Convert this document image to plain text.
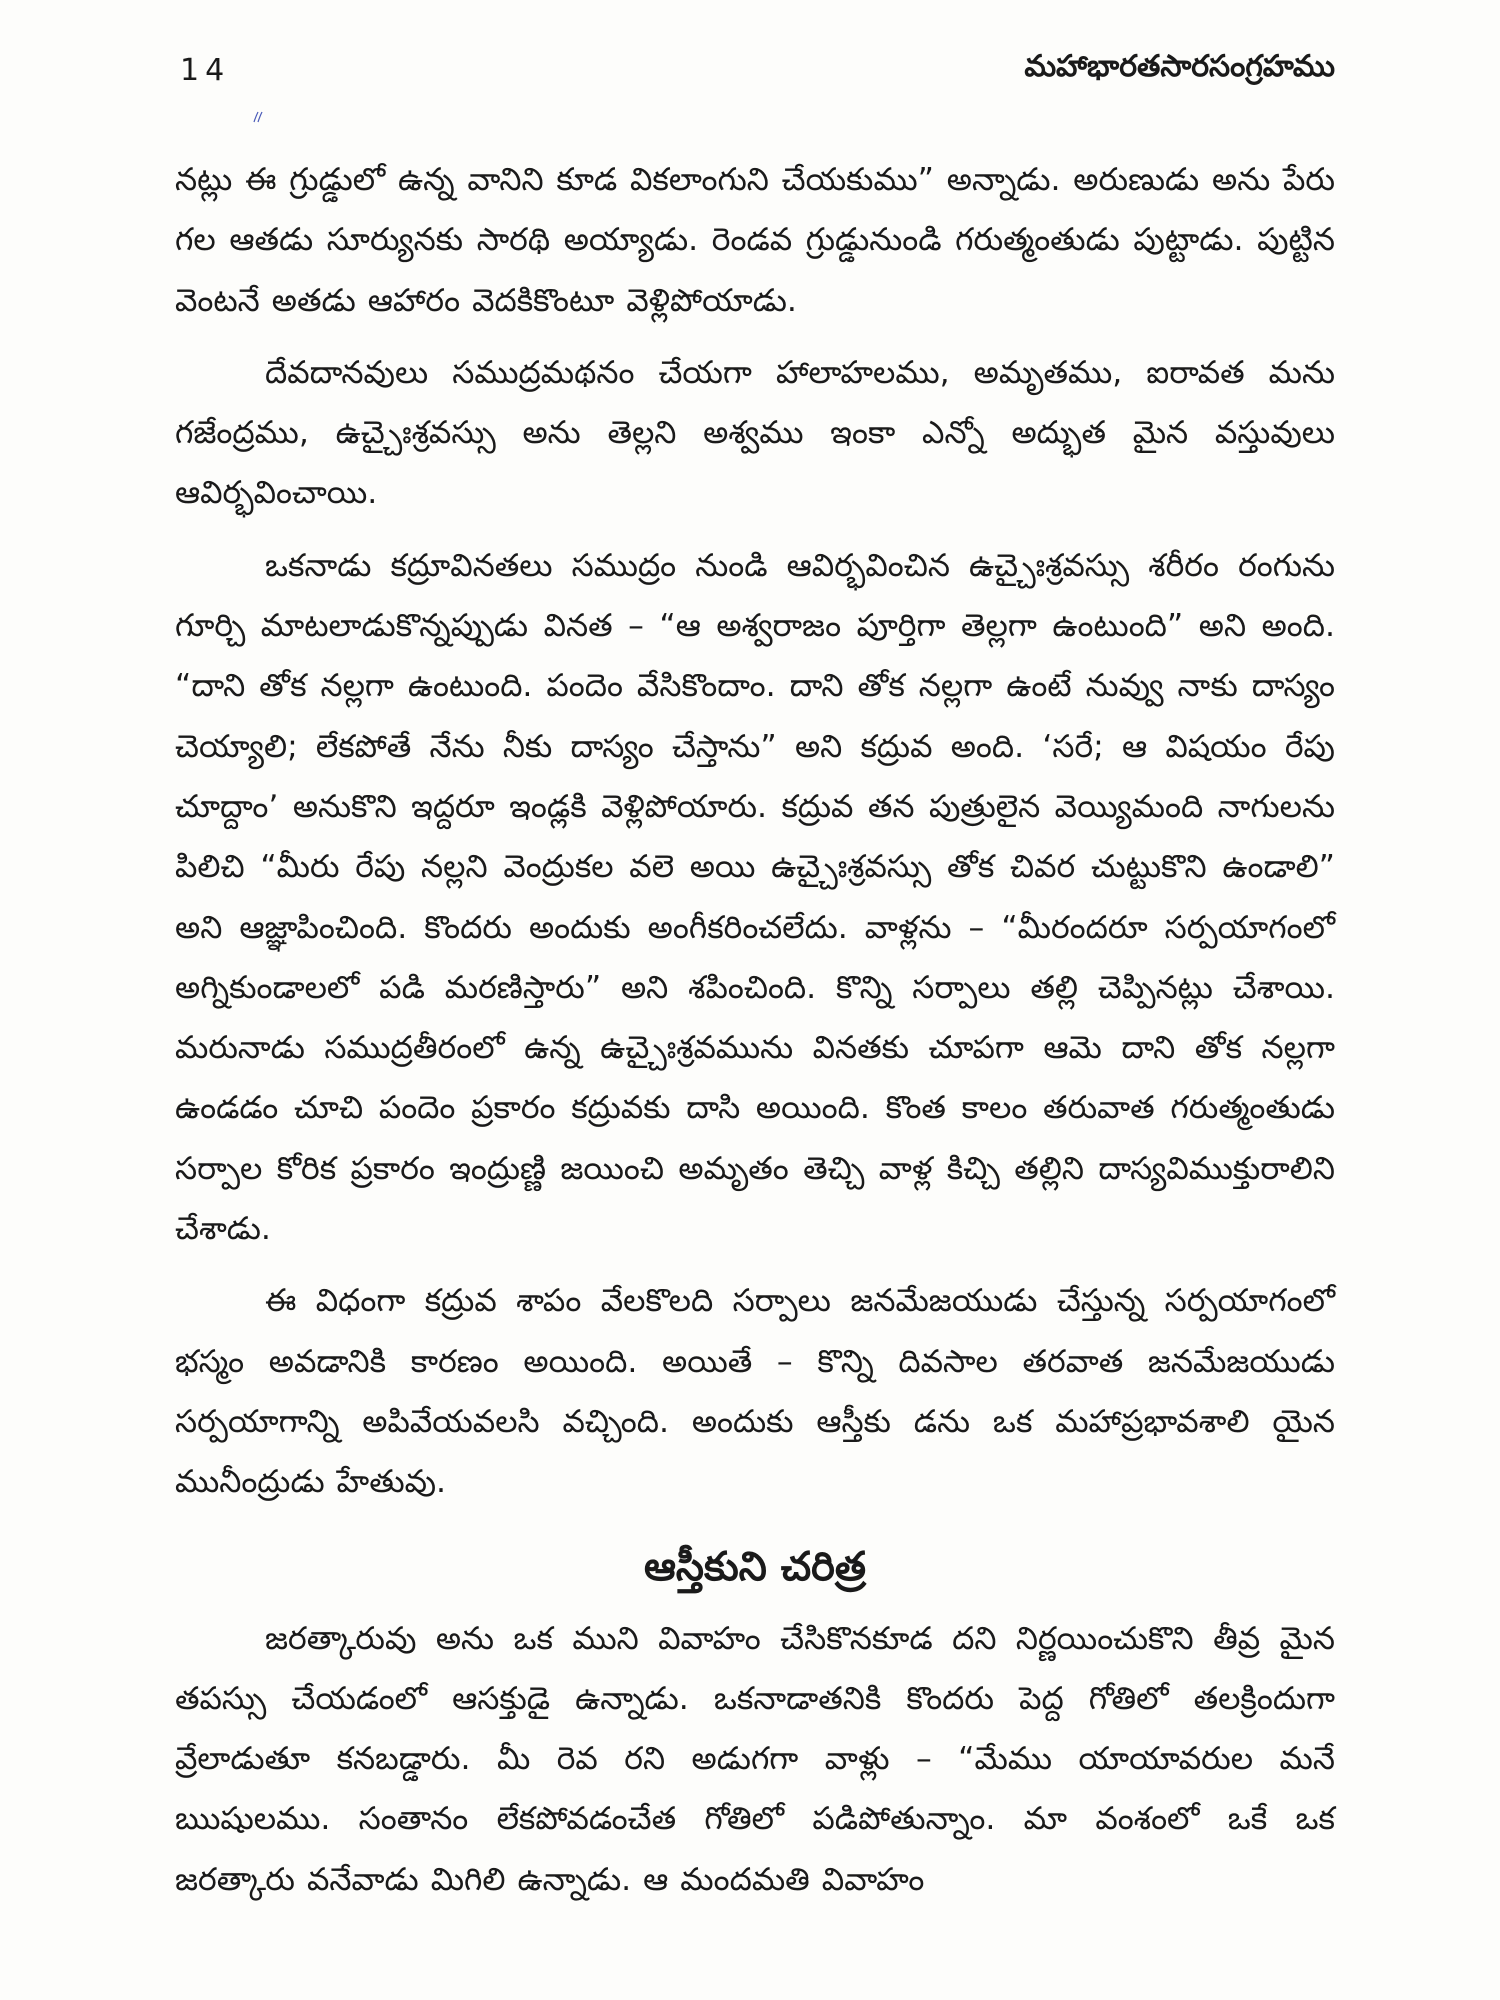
14	మహాభారతసారసంగ్రహము

నట్లు ఈ గ్రుడ్డులో ఉన్న వానిని కూడ వికలాంగుని చేయకుము” అన్నాడు. అరుణుడు అను పేరు గల ఆతడు సూర్యునకు సారథి అయ్యాడు. రెండవ గ్రుడ్డునుండి గరుత్మంతుడు పుట్టాడు. పుట్టిన వెంటనే అతడు ఆహారం వెదకికొంటూ వెళ్లిపోయాడు.

దేవదానవులు సముద్రమథనం చేయగా హాలాహలము, అమృతము, ఐరావత మను గజేంద్రము, ఉచ్చైఃశ్రవస్సు అను తెల్లని అశ్వము ఇంకా ఎన్నో అద్భుత మైన వస్తువులు ఆవిర్భవించాయి.

ఒకనాడు కద్రూవినతలు సముద్రం నుండి ఆవిర్భవించిన ఉచ్చైఃశ్రవస్సు శరీరం రంగును గూర్చి మాటలాడుకొన్నప్పుడు వినత – “ఆ అశ్వరాజం పూర్తిగా తెల్లగా ఉంటుంది” అని అంది. “దాని తోక నల్లగా ఉంటుంది. పందెం వేసికొందాం. దాని తోక నల్లగా ఉంటే నువ్వు నాకు దాస్యం చెయ్యాలి; లేకపోతే నేను నీకు దాస్యం చేస్తాను” అని కద్రువ అంది. ‘సరే; ఆ విషయం రేపు చూద్దాం’ అనుకొని ఇద్దరూ ఇండ్లకి వెళ్లిపోయారు. కద్రువ తన పుత్రులైన వెయ్యిమంది నాగులను పిలిచి “మీరు రేపు నల్లని వెంద్రుకల వలె అయి ఉచ్చైఃశ్రవస్సు తోక చివర చుట్టుకొని ఉండాలి” అని ఆజ్ఞాపించింది. కొందరు అందుకు అంగీకరించలేదు. వాళ్లను – “మీరందరూ సర్పయాగంలో అగ్నికుండాలలో పడి మరణిస్తారు” అని శపించింది. కొన్ని సర్పాలు తల్లి చెప్పినట్లు చేశాయి. మరునాడు సముద్రతీరంలో ఉన్న ఉచ్చైఃశ్రవమును వినతకు చూపగా ఆమె దాని తోక నల్లగా ఉండడం చూచి పందెం ప్రకారం కద్రువకు దాసి అయింది. కొంత కాలం తరువాత గరుత్మంతుడు సర్పాల కోరిక ప్రకారం ఇంద్రుణ్ణి జయించి అమృతం తెచ్చి వాళ్ల కిచ్చి తల్లిని దాస్యవిముక్తురాలిని చేశాడు.

ఈ విధంగా కద్రువ శాపం వేలకొలది సర్పాలు జనమేజయుడు చేస్తున్న సర్పయాగంలో భస్మం అవడానికి కారణం అయింది. అయితే – కొన్ని దివసాల తరవాత జనమేజయుడు సర్పయాగాన్ని అపివేయవలసి వచ్చింది. అందుకు ఆస్తీకు డను ఒక మహాప్రభావశాలి యైన మునీంద్రుడు హేతువు.

ఆస్తీకుని చరిత్ర

జరత్కారువు అను ఒక ముని వివాహం చేసికొనకూడ దని నిర్ణయించుకొని తీవ్ర మైన తపస్సు చేయడంలో ఆసక్తుడై ఉన్నాడు. ఒకనాడాతనికి కొందరు పెద్ద గోతిలో తలక్రిందుగా వ్రేలాడుతూ కనబడ్డారు. మీ రెవ రని అడుగగా వాళ్లు – “మేము యాయావరుల మనే ఋషులము. సంతానం లేకపోవడంచేత గోతిలో పడిపోతున్నాం. మా వంశంలో ఒకే ఒక జరత్కారు వనేవాడు మిగిలి ఉన్నాడు. ఆ మందమతి వివాహం
